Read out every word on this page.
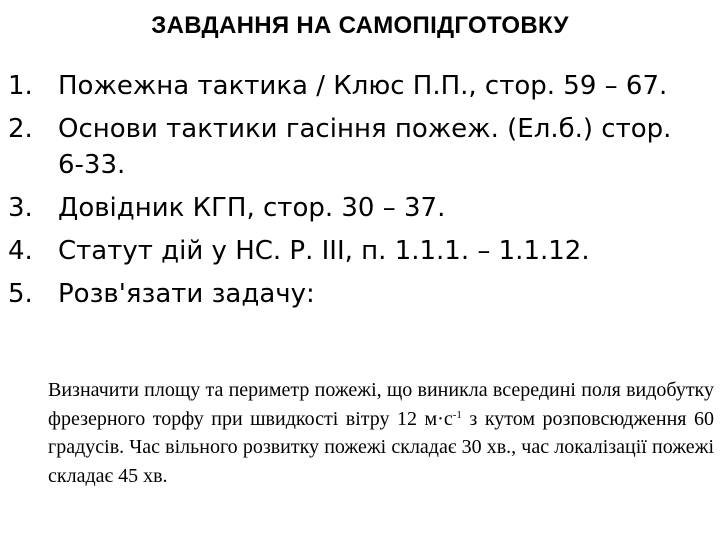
ЗАВДАННЯ НА САМОПІДГОТОВКУ
1. Пожежна тактика / Клюс П.П., стор. 59 – 67.
2. Основи тактики гасіння пожеж. (Ел.б.) стор. 6-33.
3. Довідник КГП, стор. 30 – 37.
4. Статут дій у НС. Р. ІІІ, п. 1.1.1. – 1.1.12.
5. Розв'язати задачу:
Визначити площу та периметр пожежі, що виникла всередині поля видобутку фрезерного торфу при швидкості вітру 12 $м\cdot с^{-1}$ з кутом розповсюдження 60 градусів. Час вільного розвитку пожежі складає 30 хв., час локалізації пожежі складає 45 хв.
